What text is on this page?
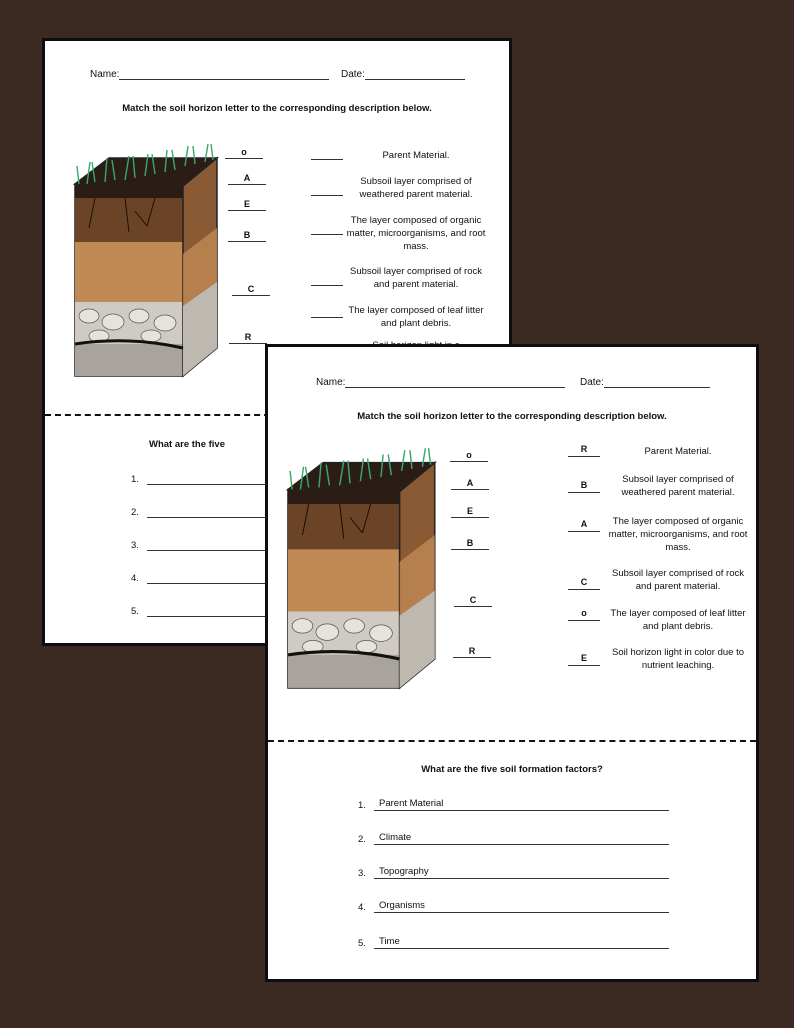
Name:	Date:
Match the soil horizon letter to the corresponding description below.
o
A
E
B
C
R
Parent Material.
Subsoil layer comprised of weathered parent material.
The layer composed of organic matter, microorganisms, and root mass.
Subsoil layer comprised of rock and parent material.
The layer composed of leaf litter and plant debris.
What are the five
1.
2.
3.
4.
5.
Name:	Date:
Match the soil horizon letter to the corresponding description below.
o
A
E
B
C
R
R
B
A
C
o
E
Parent Material.
Subsoil layer comprised of weathered parent material.
The layer composed of organic matter, microorganisms, and root mass.
Subsoil layer comprised of rock and parent material.
The layer composed of leaf litter and plant debris.
Soil horizon light in color due to nutrient leaching.
What are the five soil formation factors?
1. Parent Material
2. Climate
3. Topography
4. Organisms
5. Time
